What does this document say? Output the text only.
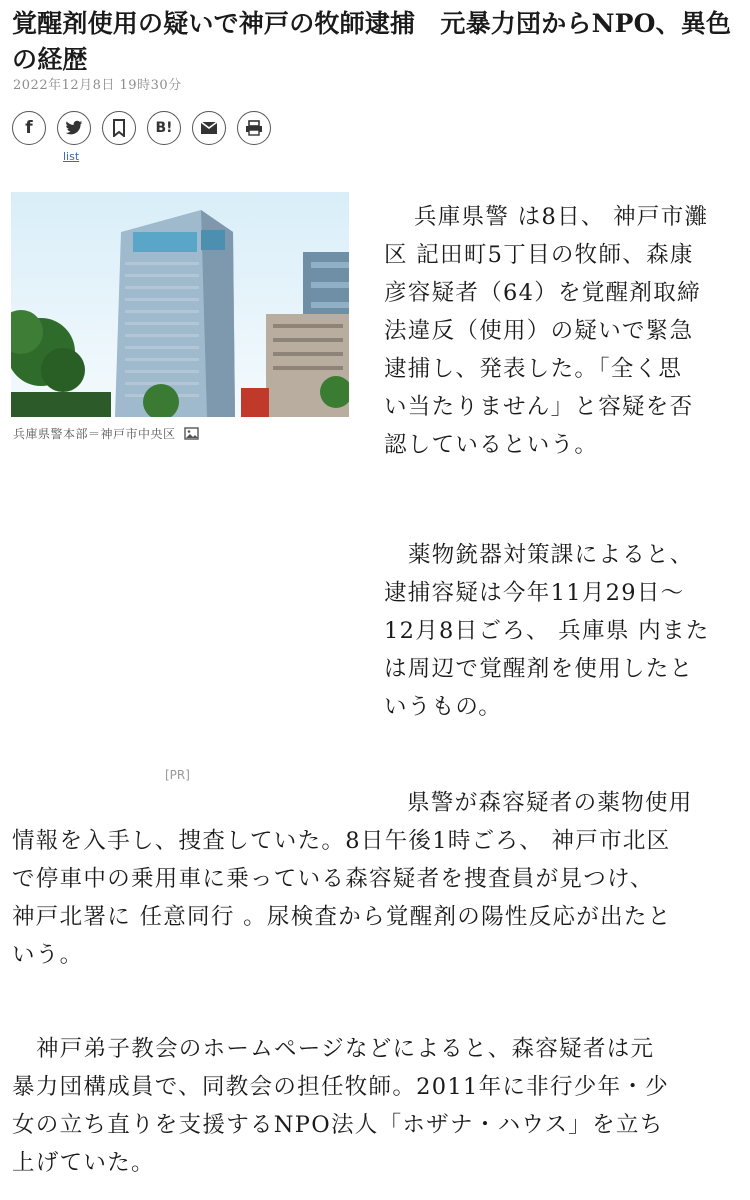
覚醒剤使用の疑いで神戸の牧師逮捕　元暴力団からNPO、異色の経歴
2022年12月8日 19時30分
f	B!
list
兵庫県警本部＝神戸市中央区
[PR]
兵庫県警 は8日、 神戸市灘
区 記田町5丁目の牧師、森康
彦容疑者（64）を覚醒剤取締
法違反（使用）の疑いで緊急
逮捕し、発表した。「全く思
い当たりません」と容疑を否
認しているという。
薬物銃器対策課によると、
逮捕容疑は今年11月29日～
12月8日ごろ、 兵庫県 内また
は周辺で覚醒剤を使用したと
いうもの。
県警が森容疑者の薬物使用
情報を入手し、捜査していた。8日午後1時ごろ、 神戸市北区
で停車中の乗用車に乗っている森容疑者を捜査員が見つけ、
神戸北署に 任意同行 。尿検査から覚醒剤の陽性反応が出たと
いう。
神戸弟子教会のホームページなどによると、森容疑者は元
暴力団構成員で、同教会の担任牧師。2011年に非行少年・少
女の立ち直りを支援するNPO法人「ホザナ・ハウス」を立ち
上げていた。
